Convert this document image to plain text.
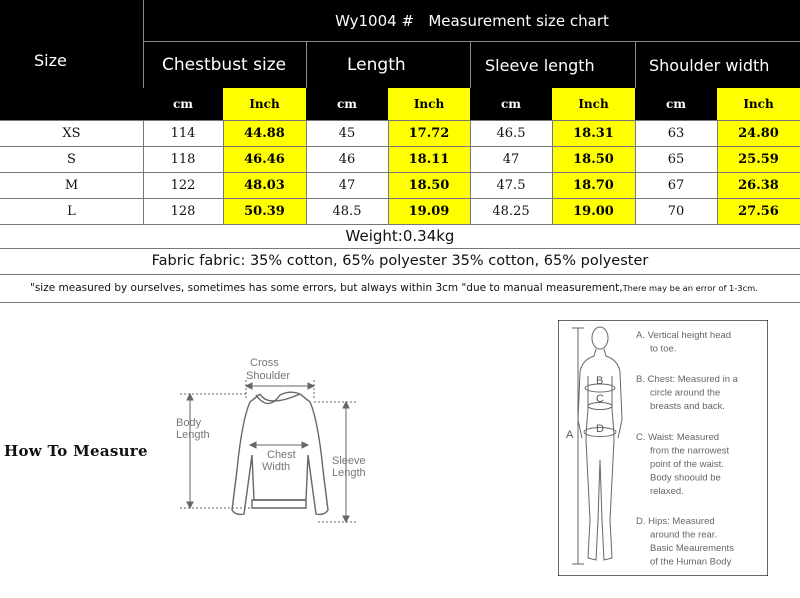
Size
Wy1004 #   Measurement size chart
Chestbust size	Length	Sleeve length	Shoulder width
cm	Inch	cm	Inch	cm	Inch	cm	Inch
XS	114	44.88	45	17.72	46.5	18.31	63	24.80
S	118	46.46	46	18.11	47	18.50	65	25.59
M	122	48.03	47	18.50	47.5	18.70	67	26.38
L	128	50.39	48.5	19.09	48.25	19.00	70	27.56
Weight:0.34kg
Fabric fabric: 35% cotton, 65% polyester 35% cotton, 65% polyester
"size measured by ourselves, sometimes has some errors, but always within 3cm "due to manual measurement, There may be an error of 1-3cm.
How To Measure
Cross
Shoulder
Body
Length
Chest
Width	Sleeve
Length
A
B
C
D
A. Vertical height head
to toe.
B. Chest: Measured in a
circle around the
breasts and back.
C. Waist: Measured
from the narrowest
point of the waist.
Body shoould be
relaxed.
D. Hips: Measured
around the rear.
Basic Meaurements
of the Human Body
